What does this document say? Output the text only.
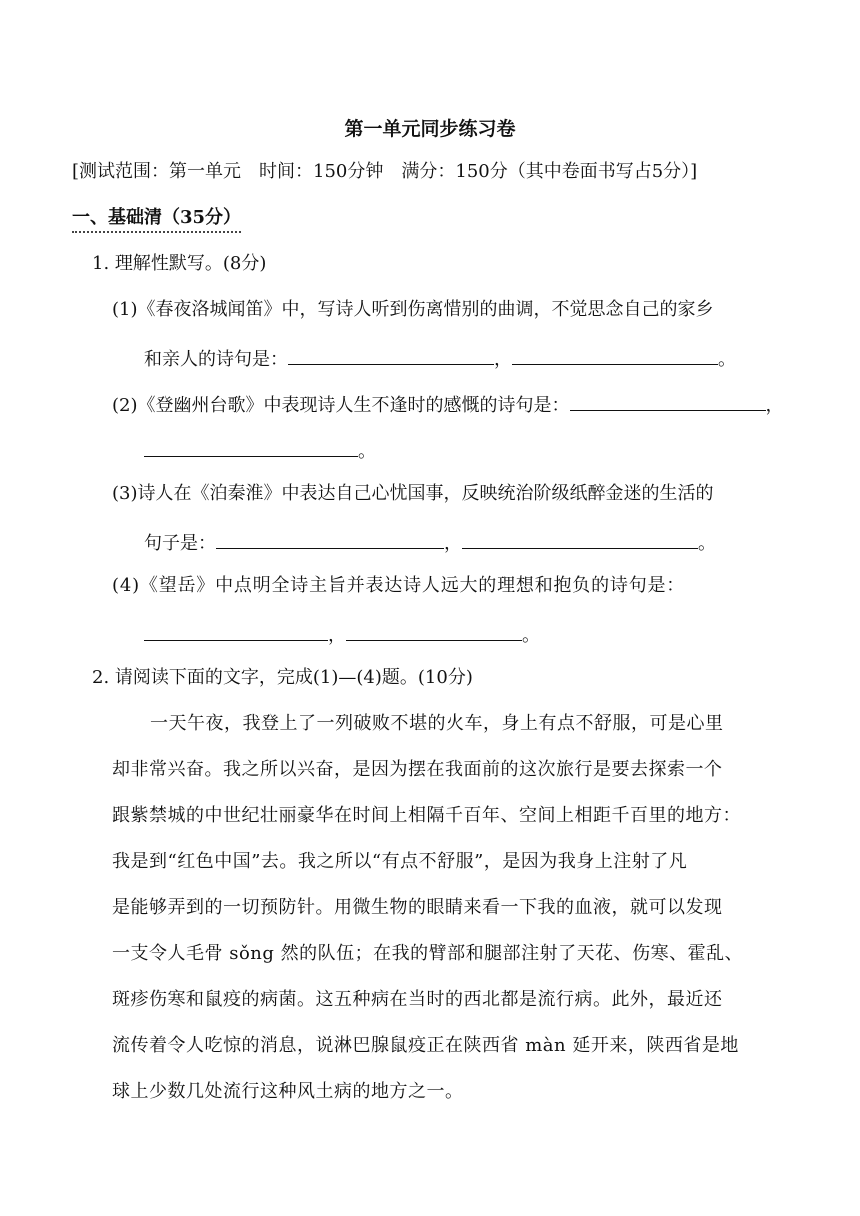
第一单元同步练习卷
[测试范围：第一单元　时间：150分钟　满分：150分（其中卷面书写占5分）]
一、基础清（35分）
1. 理解性默写。(8分)
(1)《春夜洛城闻笛》中，写诗人听到伤离惜别的曲调，不觉思念自己的家乡
和亲人的诗句是：	，	。
(2)《登幽州台歌》中表现诗人生不逢时的感慨的诗句是：	，
。
(3)诗人在《泊秦淮》中表达自己心忧国事，反映统治阶级纸醉金迷的生活的
句子是：	，	。
(4)《望岳》中点明全诗主旨并表达诗人远大的理想和抱负的诗句是：
，	。
2. 请阅读下面的文字，完成(1)—(4)题。(10分)
一天午夜，我登上了一列破败不堪的火车，身上有点不舒服，可是心里
却非常兴奋。我之所以兴奋，是因为摆在我面前的这次旅行是要去探索一个
跟紫禁城的中世纪壮丽豪华在时间上相隔千百年、空间上相距千百里的地方：
我是到“红色中国”去。我之所以“有点不舒服”，是因为我身上注射了凡
是能够弄到的一切预防针。用微生物的眼睛来看一下我的血液，就可以发现
一支令人毛骨 sǒng 然的队伍；在我的臂部和腿部注射了天花、伤寒、霍乱、
斑疹伤寒和鼠疫的病菌。这五种病在当时的西北都是流行病。此外，最近还
流传着令人吃惊的消息，说淋巴腺鼠疫正在陕西省 màn 延开来，陕西省是地
球上少数几处流行这种风土病的地方之一。
